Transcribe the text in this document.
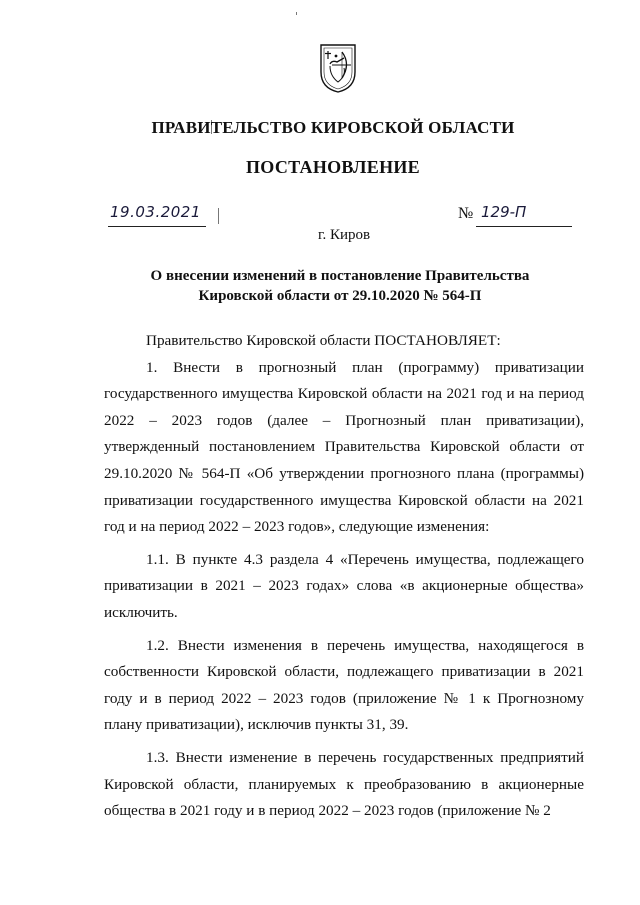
ПРАВИТЕЛЬСТВО КИРОВСКОЙ ОБЛАСТИ
ПОСТАНОВЛЕНИЕ
19.03.2021	№ 129-П
г. Киров
О внесении изменений в постановление Правительства
Кировской области от 29.10.2020 № 564-П

Правительство Кировской области ПОСТАНОВЛЯЕТ:

1. Внести в прогнозный план (программу) приватизации государственного имущества Кировской области на 2021 год и на период 2022 – 2023 годов (далее – Прогнозный план приватизации), утвержденный постановлением Правительства Кировской области от 29.10.2020 № 564-П «Об утверждении прогнозного плана (программы) приватизации государственного имущества Кировской области на 2021 год и на период 2022 – 2023 годов», следующие изменения:

1.1. В пункте 4.3 раздела 4 «Перечень имущества, подлежащего приватизации в 2021 – 2023 годах» слова «в акционерные общества» исключить.

1.2. Внести изменения в перечень имущества, находящегося в собственности Кировской области, подлежащего приватизации в 2021 году и в период 2022 – 2023 годов (приложение № 1 к Прогнозному плану приватизации), исключив пункты 31, 39.

1.3. Внести изменение в перечень государственных предприятий Кировской области, планируемых к преобразованию в акционерные общества в 2021 году и в период 2022 – 2023 годов (приложение № 2
